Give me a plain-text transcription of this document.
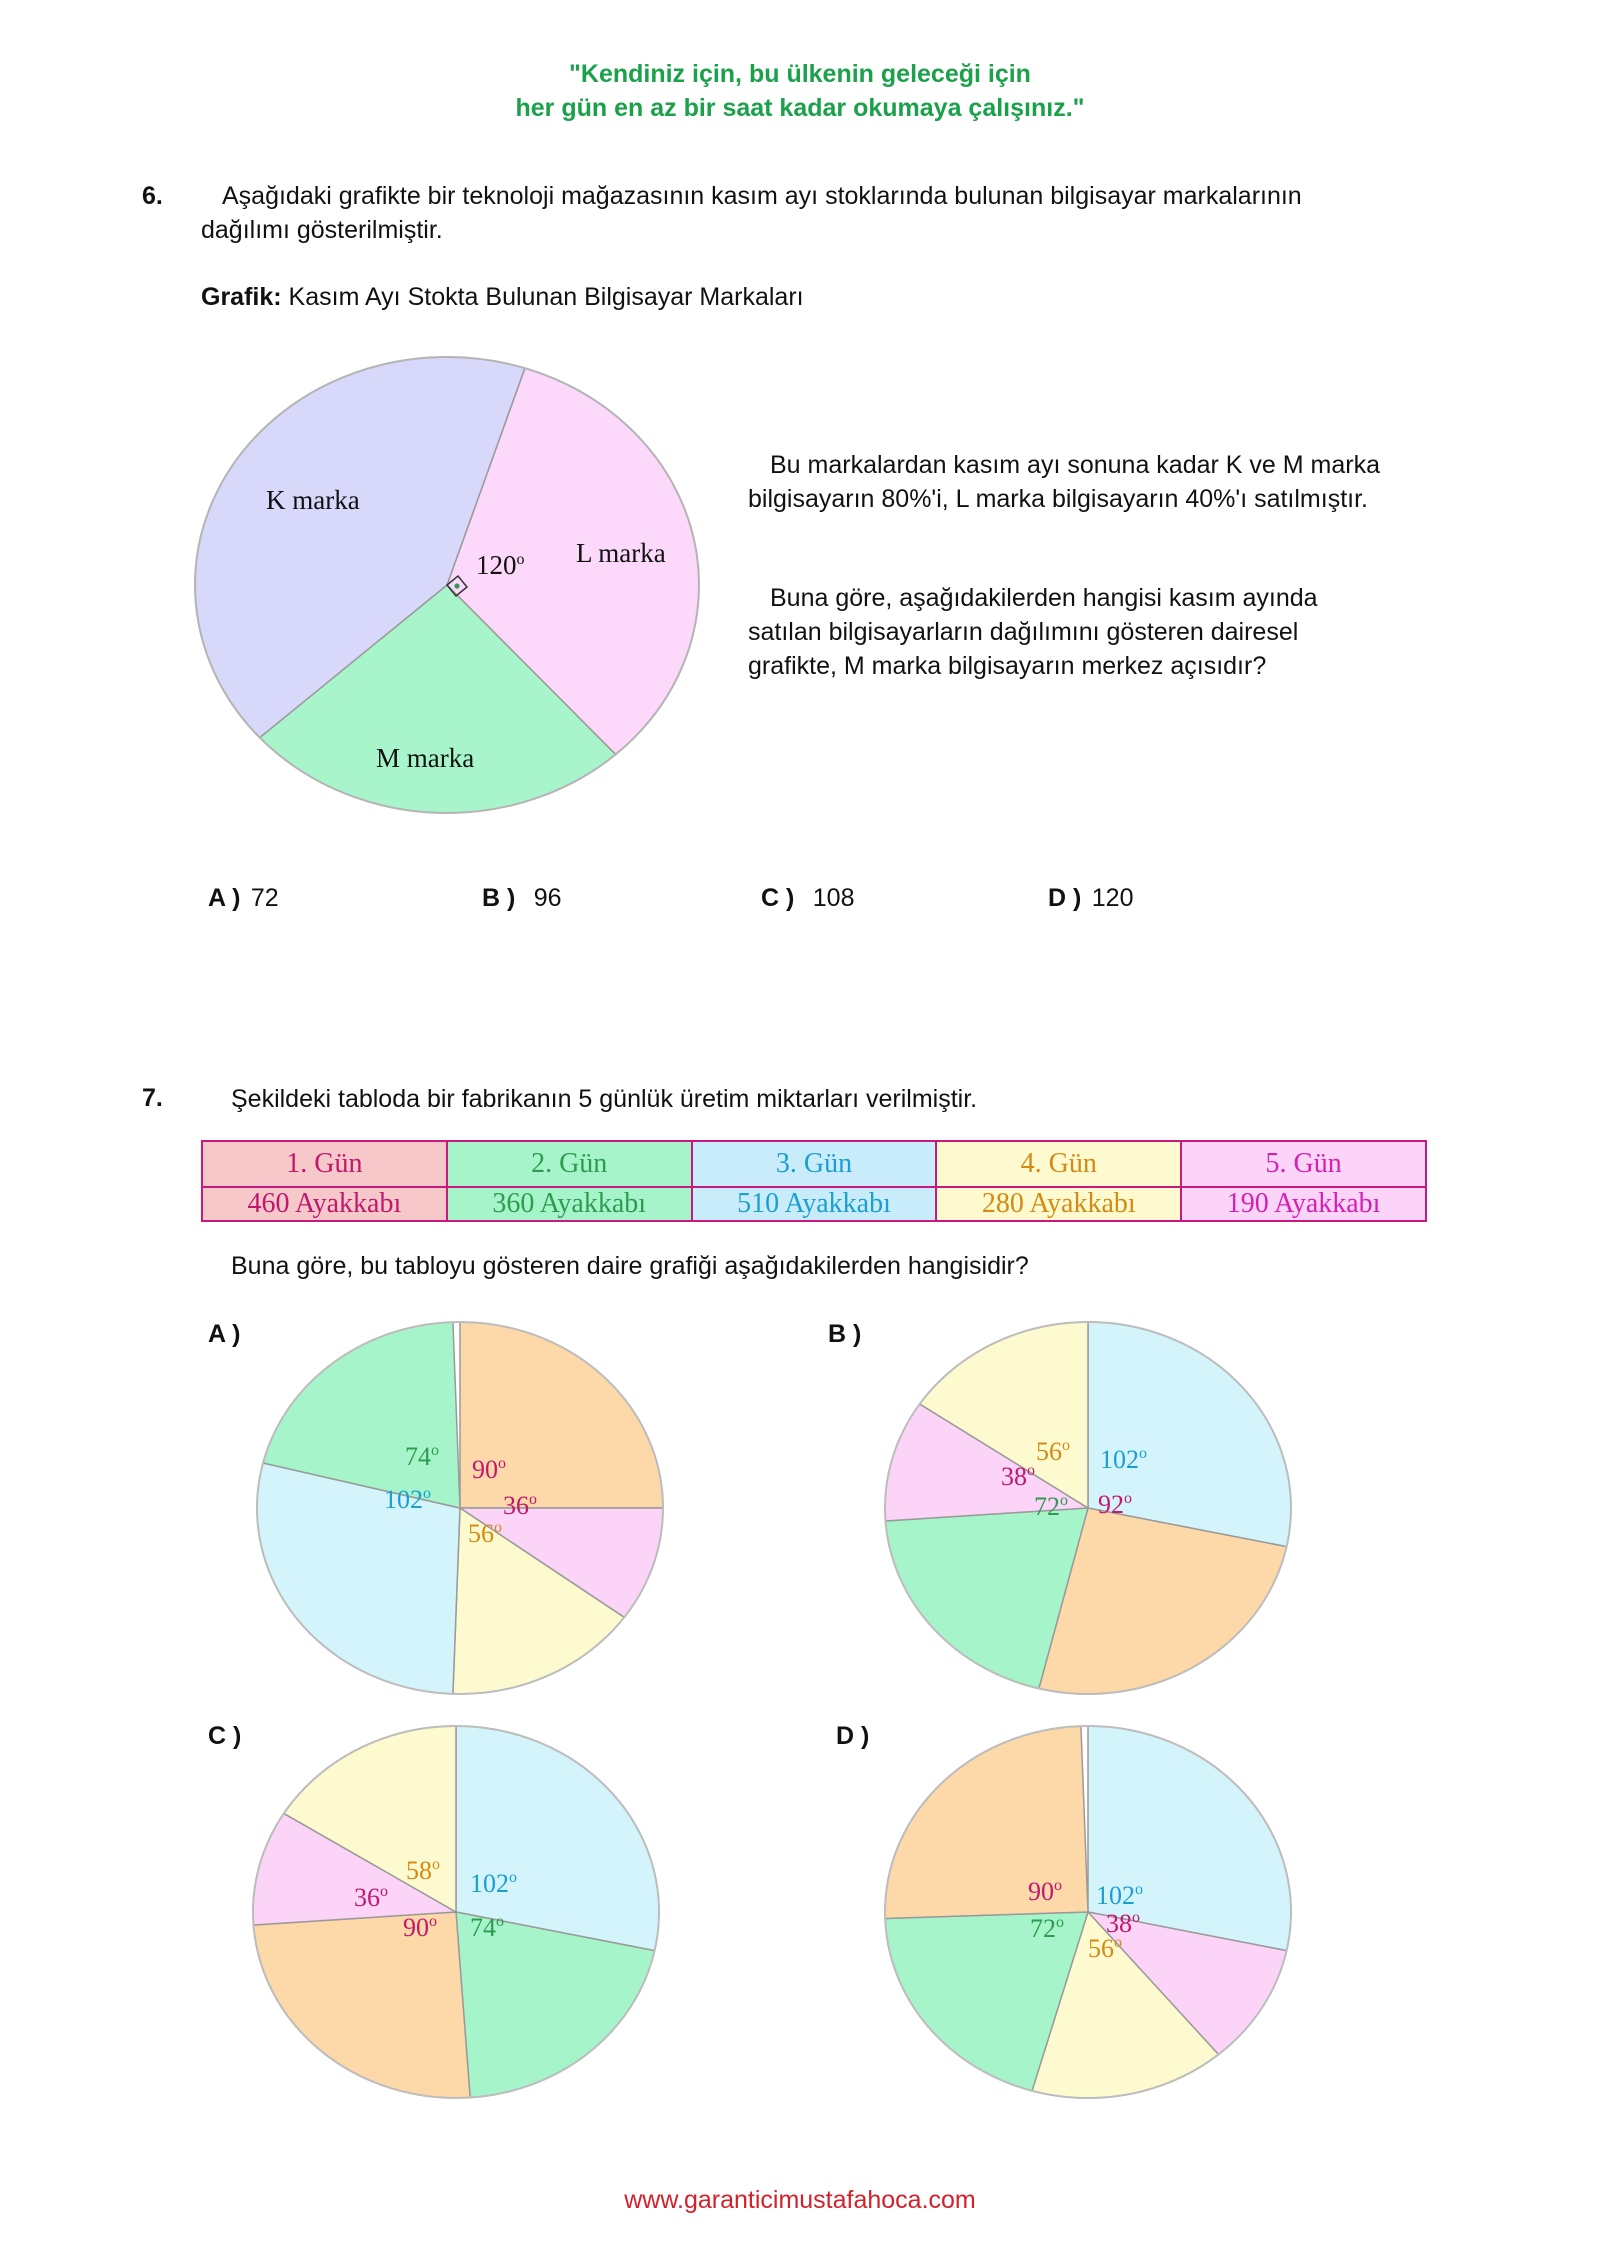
"Kendiniz için, bu ülkenin geleceği için
her gün en az bir saat kadar okumaya çalışınız."
6. Aşağıdaki grafikte bir teknoloji mağazasının kasım ayı stoklarında bulunan bilgisayar markalarının
dağılımı gösterilmiştir.
Grafik: Kasım Ayı Stokta Bulunan Bilgisayar Markaları
K marka
L marka
M marka
120$^o$
Bu markalardan kasım ayı sonuna kadar K ve M marka
bilgisayarın 80%'i, L marka bilgisayarın 40%'ı satılmıştır.
Buna göre, aşağıdakilerden hangisi kasım ayında
satılan bilgisayarların dağılımını gösteren dairesel
grafikte, M marka bilgisayarın merkez açısıdır?
A ) 72	B ) 96	C ) 108	D ) 120
7.	Şekildeki tabloda bir fabrikanın 5 günlük üretim miktarları verilmiştir.
1. Gün	2. Gün	3. Gün	4. Gün	5. Gün
460 Ayakkabı	360 Ayakkabı	510 Ayakkabı	280 Ayakkabı	190 Ayakkabı
Buna göre, bu tabloyu gösteren daire grafiği aşağıdakilerden hangisidir?
A )	B )
C )	D )
90$^o$
36$^o$
56$^o$
102$^o$
74$^o$	102$^o$
92$^o$
72$^o$
38$^o$
56$^o$
102$^o$
74$^o$
90$^o$
36$^o$
58$^o$
102$^o$
38$^o$
56$^o$
72$^o$
90$^o$
www.garanticimustafahoca.com
